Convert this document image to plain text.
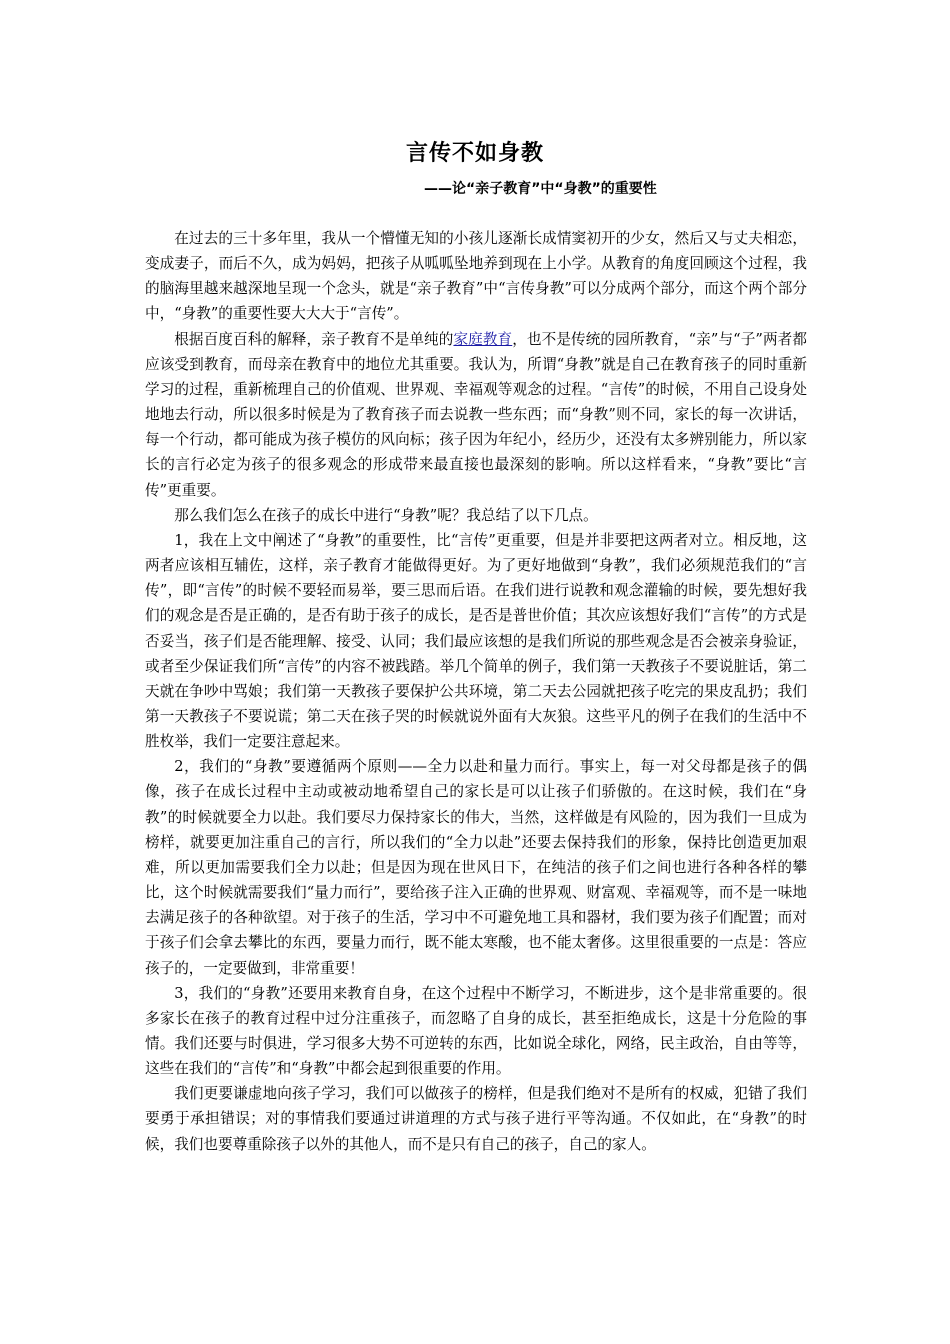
言传不如身教
——论“亲子教育”中“身教”的重要性

在过去的三十多年里，我从一个懵懂无知的小孩儿逐渐长成情窦初开的少女，然后又与丈夫相恋，变成妻子，而后不久，成为妈妈，把孩子从呱呱坠地养到现在上小学。从教育的角度回顾这个过程，我的脑海里越来越深地呈现一个念头，就是“亲子教育”中“言传身教”可以分成两个部分，而这个两个部分中，“身教”的重要性要大大大于“言传”。

根据百度百科的解释，亲子教育不是单纯的家庭教育，也不是传统的园所教育，“亲”与“子”两者都应该受到教育，而母亲在教育中的地位尤其重要。我认为，所谓“身教”就是自己在教育孩子的同时重新学习的过程，重新梳理自己的价值观、世界观、幸福观等观念的过程。“言传”的时候，不用自己设身处地地去行动，所以很多时候是为了教育孩子而去说教一些东西；而“身教”则不同，家长的每一次讲话，每一个行动，都可能成为孩子模仿的风向标；孩子因为年纪小，经历少，还没有太多辨别能力，所以家长的言行必定为孩子的很多观念的形成带来最直接也最深刻的影响。所以这样看来，“身教”要比“言传”更重要。

那么我们怎么在孩子的成长中进行“身教”呢？我总结了以下几点。

1，我在上文中阐述了“身教”的重要性，比“言传”更重要，但是并非要把这两者对立。相反地，这两者应该相互辅佐，这样，亲子教育才能做得更好。为了更好地做到“身教”，我们必须规范我们的“言传”，即“言传”的时候不要轻而易举，要三思而后语。在我们进行说教和观念灌输的时候，要先想好我们的观念是否是正确的，是否有助于孩子的成长，是否是普世价值；其次应该想好我们“言传”的方式是否妥当，孩子们是否能理解、接受、认同；我们最应该想的是我们所说的那些观念是否会被亲身验证，或者至少保证我们所“言传”的内容不被践踏。举几个简单的例子，我们第一天教孩子不要说脏话，第二天就在争吵中骂娘；我们第一天教孩子要保护公共环境，第二天去公园就把孩子吃完的果皮乱扔；我们第一天教孩子不要说谎；第二天在孩子哭的时候就说外面有大灰狼。这些平凡的例子在我们的生活中不胜枚举，我们一定要注意起来。

2，我们的“身教”要遵循两个原则——全力以赴和量力而行。事实上，每一对父母都是孩子的偶像，孩子在成长过程中主动或被动地希望自己的家长是可以让孩子们骄傲的。在这时候，我们在“身教”的时候就要全力以赴。我们要尽力保持家长的伟大，当然，这样做是有风险的，因为我们一旦成为榜样，就要更加注重自己的言行，所以我们的“全力以赴”还要去保持我们的形象，保持比创造更加艰难，所以更加需要我们全力以赴；但是因为现在世风日下，在纯洁的孩子们之间也进行各种各样的攀比，这个时候就需要我们“量力而行”，要给孩子注入正确的世界观、财富观、幸福观等，而不是一味地去满足孩子的各种欲望。对于孩子的生活，学习中不可避免地工具和器材，我们要为孩子们配置；而对于孩子们会拿去攀比的东西，要量力而行，既不能太寒酸，也不能太奢侈。这里很重要的一点是：答应孩子的，一定要做到，非常重要！

3，我们的“身教”还要用来教育自身，在这个过程中不断学习，不断进步，这个是非常重要的。很多家长在孩子的教育过程中过分注重孩子，而忽略了自身的成长，甚至拒绝成长，这是十分危险的事情。我们还要与时俱进，学习很多大势不可逆转的东西，比如说全球化，网络，民主政治，自由等等，这些在我们的“言传”和“身教”中都会起到很重要的作用。

我们更要谦虚地向孩子学习，我们可以做孩子的榜样，但是我们绝对不是所有的权威，犯错了我们要勇于承担错误；对的事情我们要通过讲道理的方式与孩子进行平等沟通。不仅如此，在“身教”的时候，我们也要尊重除孩子以外的其他人，而不是只有自己的孩子，自己的家人。
